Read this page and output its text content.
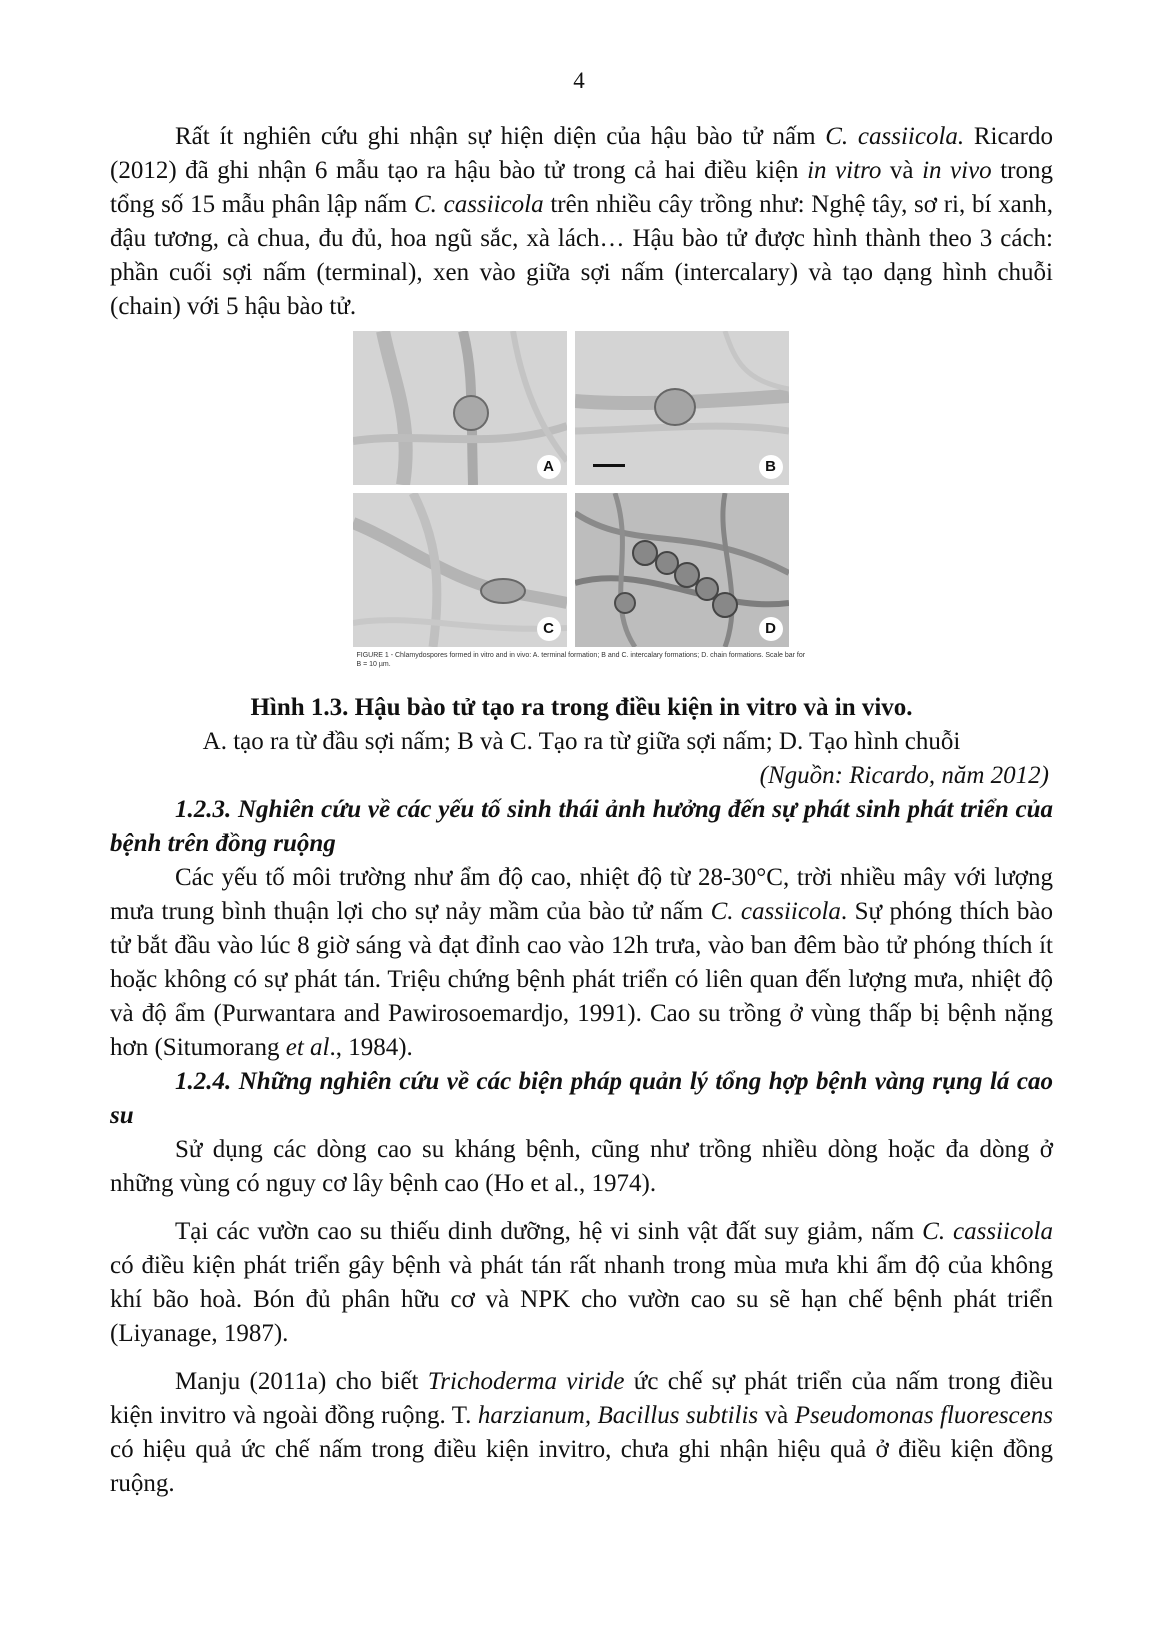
4

Rất ít nghiên cứu ghi nhận sự hiện diện của hậu bào tử nấm C. cassiicola. Ricardo (2012) đã ghi nhận 6 mẫu tạo ra hậu bào tử trong cả hai điều kiện in vitro và in vivo trong tổng số 15 mẫu phân lập nấm C. cassiicola trên nhiều cây trồng như: Nghệ tây, sơ ri, bí xanh, đậu tương, cà chua, đu đủ, hoa ngũ sắc, xà lách… Hậu bào tử được hình thành theo 3 cách: phần cuối sợi nấm (terminal), xen vào giữa sợi nấm (intercalary) và tạo dạng hình chuỗi (chain) với 5 hậu bào tử.

A	B
C	D
FIGURE 1 - Chlamydospores formed in vitro and in vivo: A. terminal formation; B and C. intercalary formations; D. chain formations. Scale bar for B = 10 µm.

Hình 1.3. Hậu bào tử tạo ra trong điều kiện in vitro và in vivo.

A. tạo ra từ đầu sợi nấm; B và C. Tạo ra từ giữa sợi nấm; D. Tạo hình chuỗi

(Nguồn: Ricardo, năm 2012)

1.2.3. Nghiên cứu về các yếu tố sinh thái ảnh hưởng đến sự phát sinh phát triển của bệnh trên đồng ruộng

Các yếu tố môi trường như ẩm độ cao, nhiệt độ từ 28-30°C, trời nhiều mây với lượng mưa trung bình thuận lợi cho sự nảy mầm của bào tử nấm C. cassiicola. Sự phóng thích bào tử bắt đầu vào lúc 8 giờ sáng và đạt đỉnh cao vào 12h trưa, vào ban đêm bào tử phóng thích ít hoặc không có sự phát tán. Triệu chứng bệnh phát triển có liên quan đến lượng mưa, nhiệt độ và độ ẩm (Purwantara and Pawirosoemardjo, 1991). Cao su trồng ở vùng thấp bị bệnh nặng hơn (Situmorang et al., 1984).

1.2.4. Những nghiên cứu về các biện pháp quản lý tổng hợp bệnh vàng rụng lá cao su

Sử dụng các dòng cao su kháng bệnh, cũng như trồng nhiều dòng hoặc đa dòng ở những vùng có nguy cơ lây bệnh cao (Ho et al., 1974).

Tại các vườn cao su thiếu dinh dưỡng, hệ vi sinh vật đất suy giảm, nấm C. cassiicola có điều kiện phát triển gây bệnh và phát tán rất nhanh trong mùa mưa khi ẩm độ của không khí bão hoà. Bón đủ phân hữu cơ và NPK cho vườn cao su sẽ hạn chế bệnh phát triển (Liyanage, 1987).

Manju (2011a) cho biết Trichoderma viride ức chế sự phát triển của nấm trong điều kiện invitro và ngoài đồng ruộng. T. harzianum, Bacillus subtilis và Pseudomonas fluorescens có hiệu quả ức chế nấm trong điều kiện invitro, chưa ghi nhận hiệu quả ở điều kiện đồng ruộng.
